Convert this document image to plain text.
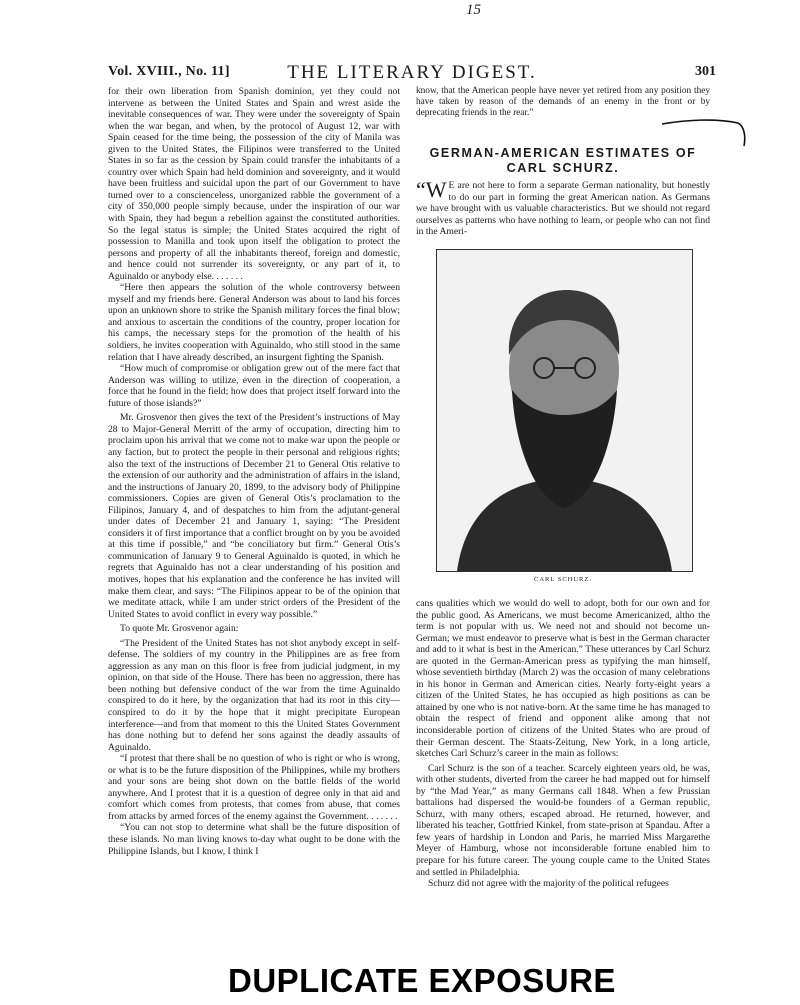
15
THE LITERARY DIGEST.
Vol. XVIII., No. 11]	301

for their own liberation from Spanish dominion, yet they could not intervene as between the United States and Spain and wrest aside the inevitable consequences of war. They were under the sovereignty of Spain when the war began, and when, by the protocol of August 12, war with Spain ceased for the time being, the possession of the city of Manila was given to the United States, the Filipinos were transferred to the United States in so far as the cession by Spain could transfer the inhabitants of a country over which Spain had held dominion and sovereignty, and it would have been fruitless and suicidal upon the part of our Government to have turned over to a conscienceless, unorganized rabble the government of a city of 350,000 people simply because, under the inspiration of our war with Spain, they had begun a rebellion against the constituted authorities. So the legal status is simple; the United States acquired the right of possession to Manilla and took upon itself the obligation to protect the persons and property of all the inhabitants thereof, foreign and domestic, and hence could not surrender its sovereignty, or any part of it, to Aguinaldo or anybody else. . . . . . .

“Here then appears the solution of the whole controversy between myself and my friends here. General Anderson was about to land his forces upon an unknown shore to strike the Spanish military forces the final blow; and anxious to ascertain the conditions of the country, proper location for his camps, the necessary steps for the promotion of the health of his soldiers, he invites cooperation with Aguinaldo, who still stood in the same relation that I have already described, an insurgent fighting the Spanish.

“How much of compromise or obligation grew out of the mere fact that Anderson was willing to utilize, even in the direction of cooperation, a force that he found in the field; how does that project itself forward into the future of those islands?”

Mr. Grosvenor then gives the text of the President’s instructions of May 28 to Major-General Merritt of the army of occupation, directing him to proclaim upon his arrival that we come not to make war upon the people or any faction, but to protect the people in their personal and religious rights; also the text of the instructions of December 21 to General Otis relative to the extension of our authority and the administration of affairs in the island, and the instructions of January 20, 1899, to the advisory body of Philippine commissioners. Copies are given of General Otis’s proclamation to the Filipinos, January 4, and of despatches to him from the adjutant-general under dates of December 21 and January 1, saying: “The President considers it of first importance that a conflict brought on by you be avoided at this time if possible,” and “be conciliatory but firm.” General Otis’s communication of January 9 to General Aguinaldo is quoted, in which he regrets that Aguinaldo has not a clear understanding of his position and motives, hopes that his explanation and the conference he has invited will make them clear, and says: “The Filipinos appear to be of the opinion that we meditate attack, while I am under strict orders of the President of the United States to avoid conflict in every way possible.”

To quote Mr. Grosvenor again:

“The President of the United States has not shot anybody except in self-defense. The soldiers of my country in the Philippines are as free from aggression as any man on this floor is free from judicial judgment, in my opinion, on that side of the House. There has been no aggression, there has been nothing but defensive conduct of the war from the time Aguinaldo conspired to do it here, by the organization that had its root in this city—conspired to do it by the hope that it might precipitate European interference—and from that moment to this the United States Government has done nothing but to defend her sons against the deadly assaults of Aguinaldo.

“I protest that there shall be no question of who is right or who is wrong, or what is to be the future disposition of the Philippines, while my brothers and your sons are being shot down on the battle fields of the world anywhere. And I protest that it is a question of degree only in that aid and comfort which comes from protests, that comes from abuse, that comes from attacks by armed forces of the enemy against the Government. . . . . . .

“You can not stop to determine what shall be the future disposition of these islands. No man living knows to-day what ought to be done with the Philippine Islands, but I know, I think I

know, that the American people have never yet retired from any position they have taken by reason of the demands of an enemy in the front or by deprecating friends in the rear.”

GERMAN-AMERICAN ESTIMATES OF CARL SCHURZ.

“W E are not here to form a separate German nationality, but honestly to do our part in forming the great American nation. As Germans we have brought with us valuable characteristics. But we should not regard ourselves as patterns who have nothing to learn, or people who can not find in the Ameri-

CARL SCHURZ.

cans qualities which we would do well to adopt, both for our own and for the public good. As Americans, we must become Americanized, altho the term is not popular with us. We need not and should not become un-German; we must endeavor to preserve what is best in the German character and add to it what is best in the American.” These utterances by Carl Schurz are quoted in the German-American press as typifying the man himself, whose seventieth birthday (March 2) was the occasion of many celebrations in his honor in German and American cities. Nearly forty-eight years a citizen of the United States, he has occupied as high positions as can be attained by one who is not native-born. At the same time he has managed to obtain the respect of friend and opponent alike among that not inconsiderable portion of citizens of the United States who are proud of their German descent. The Staats-Zeitung, New York, in a long article, sketches Carl Schurz’s career in the main as follows:

Carl Schurz is the son of a teacher. Scarcely eighteen years old, he was, with other students, diverted from the career he had mapped out for himself by “the Mad Year,” as many Germans call 1848. When a few Prussian battalions had dispersed the would-be founders of a German republic, Schurz, with many others, escaped abroad. He returned, however, and liberated his teacher, Gottfried Kinkel, from state-prison at Spandau. After a few years of hardship in London and Paris, he married Miss Margarethe Meyer of Hamburg, whose not inconsiderable fortune enabled him to prepare for his future career. The young couple came to the United States and settled in Philadelphia.

Schurz did not agree with the majority of the political refugees

DUPLICATE EXPOSURE
